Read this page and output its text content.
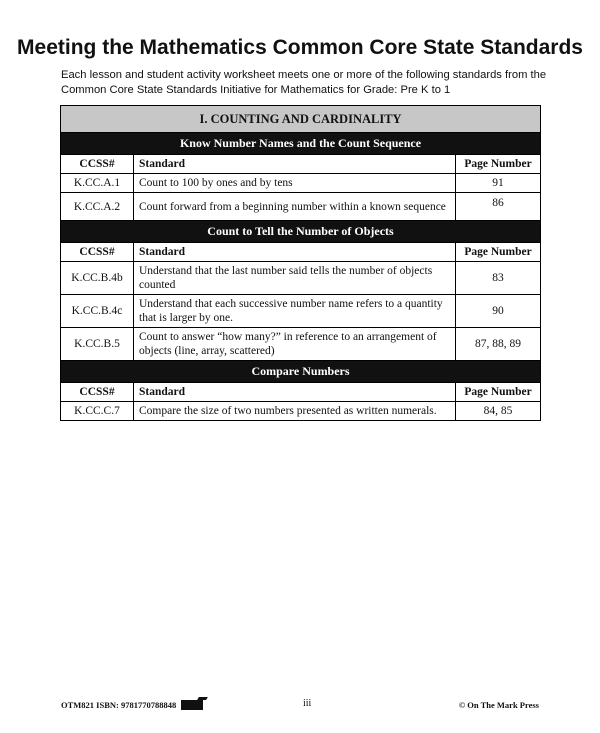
Meeting the Mathematics Common Core State Standards
Each lesson and student activity worksheet meets one or more of the following standards from the
Common Core State Standards Initiative for Mathematics for Grade: Pre K to 1
I. COUNTING AND CARDINALITY		
Know Number Names and the Count Sequence		
CCSS#	Standard	Page Number
K.CC.A.1	Count to 100 by ones and by tens	91
K.CC.A.2	Count forward from a beginning number within a known sequence	86
Count to Tell the Number of Objects		
CCSS#	Standard	Page Number
K.CC.B.4b	Understand that the last number said tells the number of objects counted	83
K.CC.B.4c	Understand that each successive number name refers to a quantity that is larger by one.	90
K.CC.B.5	Count to answer “how many?” in reference to an arrangement of objects (line, array, scattered)	87, 88, 89
Compare Numbers		
CCSS#	Standard	Page Number
K.CC.C.7	Compare the size of two numbers presented as written numerals.	84, 85
OTM821 ISBN: 9781770788848	iii	© On The Mark Press
